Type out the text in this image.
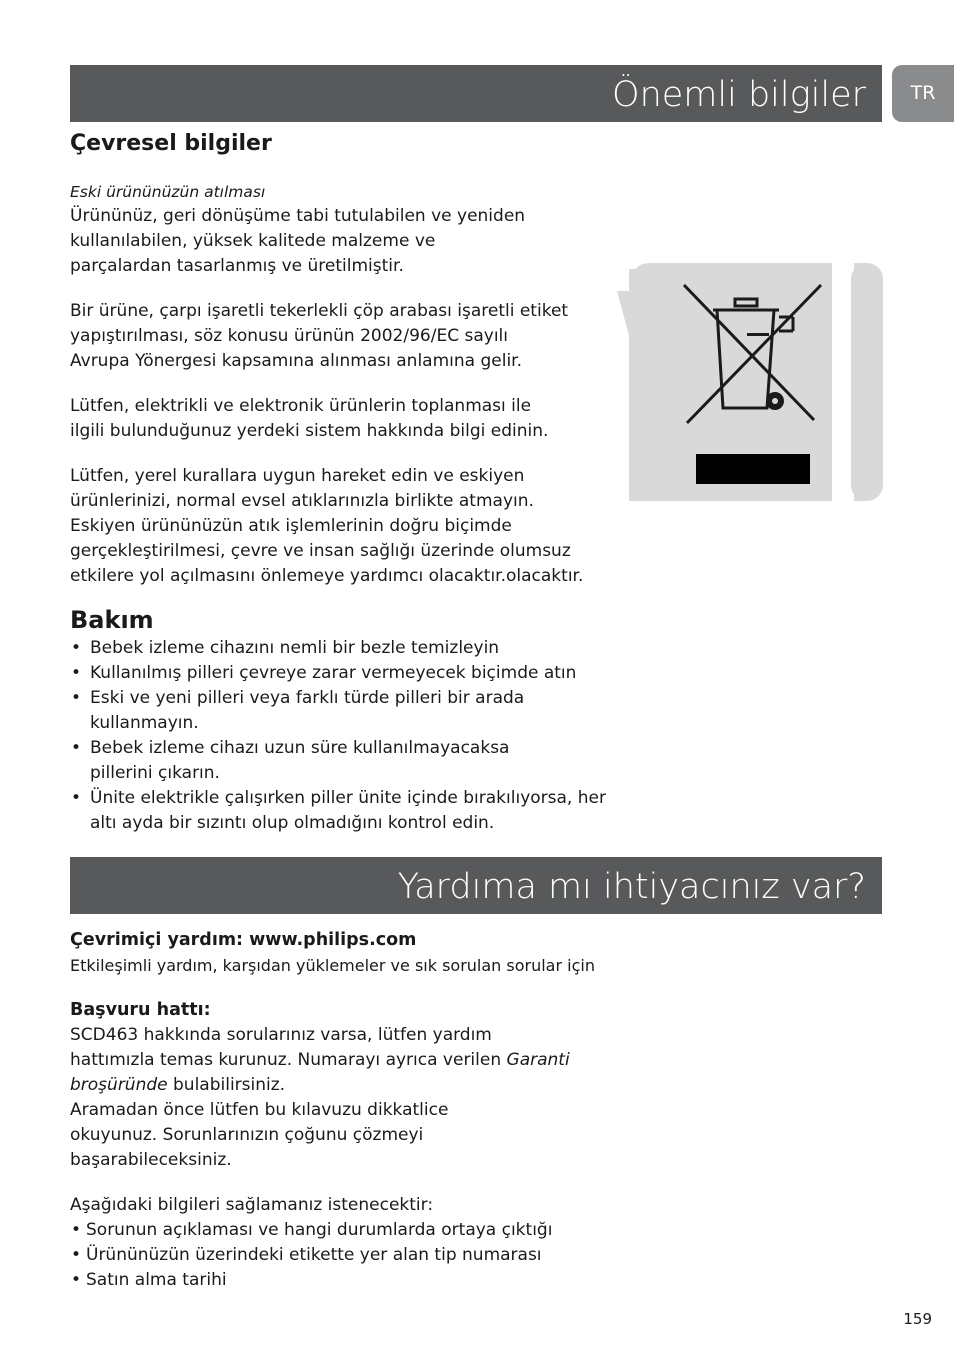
Önemli bilgiler	TR
Çevresel bilgiler

Eski ürününüzün atılması

Ürününüz, geri dönüşüme tabi tutulabilen ve yeniden kullanılabilen, yüksek kalitede malzeme ve parçalardan tasarlanmış ve üretilmiştir.

Bir ürüne, çarpı işaretli tekerlekli çöp arabası işaretli etiket yapıştırılması, söz konusu ürünün 2002/96/EC sayılı Avrupa Yönergesi kapsamına alınması anlamına gelir.

Lütfen, elektrikli ve elektronik ürünlerin toplanması ile ilgili bulunduğunuz yerdeki sistem hakkında bilgi edinin.

Lütfen, yerel kurallara uygun hareket edin ve eskiyen ürünlerinizi, normal evsel atıklarınızla birlikte atmayın. Eskiyen ürününüzün atık işlemlerinin doğru biçimde gerçekleştirilmesi, çevre ve insan sağlığı üzerinde olumsuz etkilere yol açılmasını önlemeye yardımcı olacaktır.olacaktır.

Bakım
• Bebek izleme cihazını nemli bir bezle temizleyin
• Kullanılmış pilleri çevreye zarar vermeyecek biçimde atın
• Eski ve yeni pilleri veya farklı türde pilleri bir arada kullanmayın.
• Bebek izleme cihazı uzun süre kullanılmayacaksa pillerini çıkarın.
• Ünite elektrikle çalışırken piller ünite içinde bırakılıyorsa, her altı ayda bir sızıntı olup olmadığını kontrol edin.
Yardıma mı ihtiyacınız var?
Çevrimiçi yardım: www.philips.com

Etkileşimli yardım, karşıdan yüklemeler ve sık sorulan sorular için

Başvuru hattı:

SCD463 hakkında sorularınız varsa, lütfen yardım hattımızla temas kurunuz. Numarayı ayrıca verilen Garanti broşüründe bulabilirsiniz.

Aramadan önce lütfen bu kılavuzu dikkatlice okuyunuz. Sorunlarınızın çoğunu çözmeyi başarabileceksiniz.

Aşağıdaki bilgileri sağlamanız istenecektir:

• Sorunun açıklaması ve hangi durumlarda ortaya çıktığı
• Ürününüzün üzerindeki etikette yer alan tip numarası
• Satın alma tarihi
159
